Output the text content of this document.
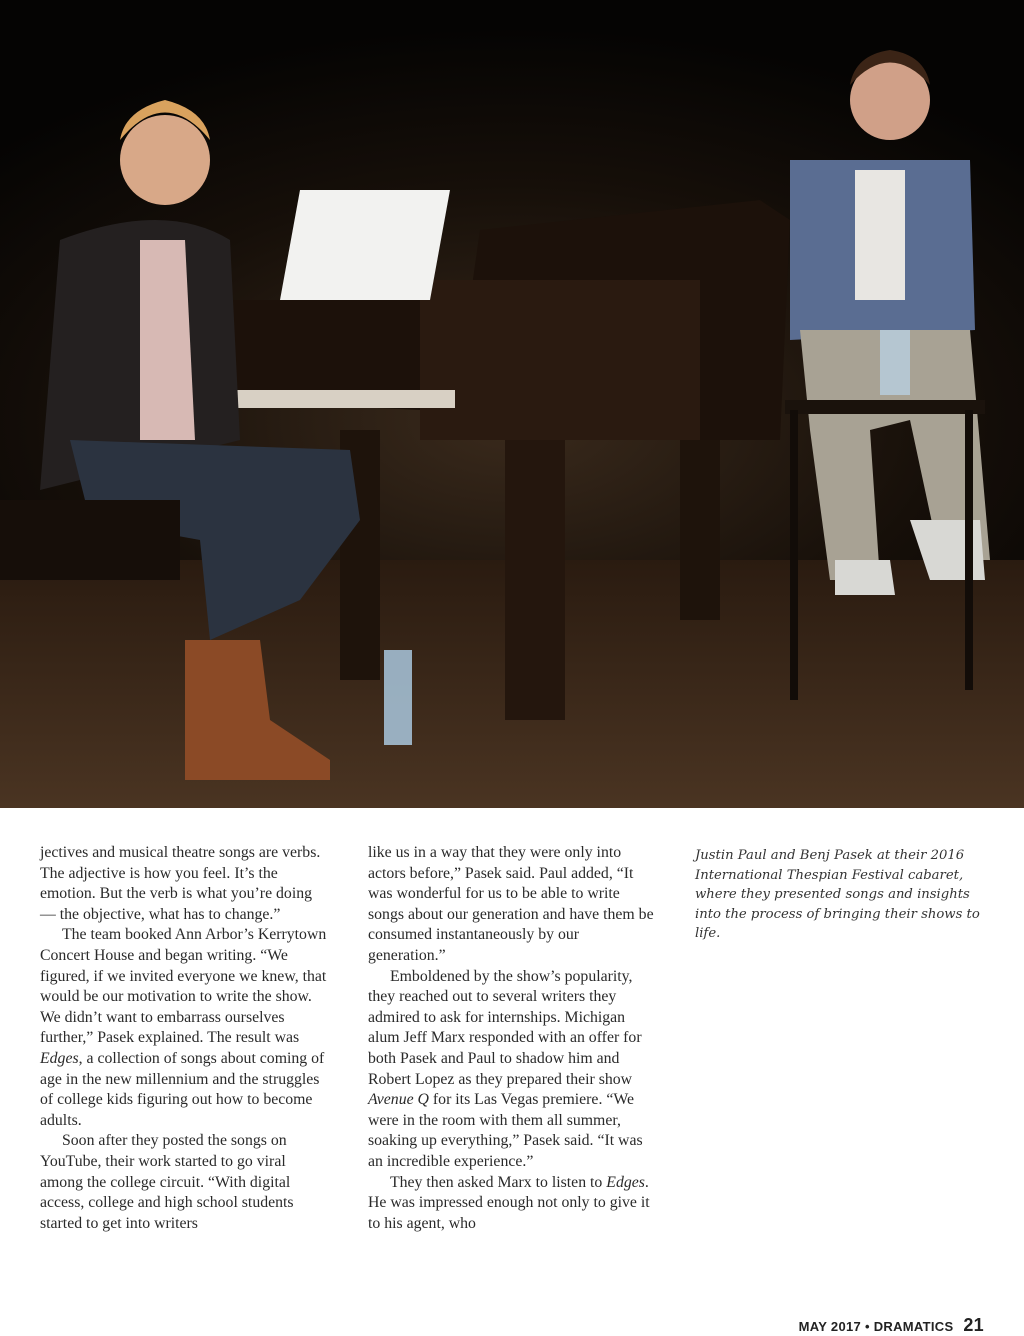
jectives and musical theatre songs are verbs. The adjective is how you feel. It’s the emotion. But the verb is what you’re doing — the objective, what has to change.”

The team booked Ann Arbor’s Kerrytown Concert House and began writing. “We figured, if we invited everyone we knew, that would be our motivation to write the show. We didn’t want to embarrass ourselves further,” Pasek explained. The result was Edges, a collection of songs about coming of age in the new millennium and the struggles of college kids figuring out how to become adults.

Soon after they posted the songs on YouTube, their work started to go viral among the college circuit. “With digital access, college and high school students started to get into writers

like us in a way that they were only into actors before,” Pasek said. Paul added, “It was wonderful for us to be able to write songs about our generation and have them be consumed instantaneously by our generation.”

Emboldened by the show’s popularity, they reached out to several writers they admired to ask for internships. Michigan alum Jeff Marx responded with an offer for both Pasek and Paul to shadow him and Robert Lopez as they prepared their show Avenue Q for its Las Vegas premiere. “We were in the room with them all summer, soaking up everything,” Pasek said. “It was an incredible experience.”

They then asked Marx to listen to Edges. He was impressed enough not only to give it to his agent, who

Justin Paul and Benj Pasek at their 2016 International Thespian Festival cabaret, where they presented songs and insights into the process of bringing their shows to life.
MAY 2017 • DRAMATICS 21
